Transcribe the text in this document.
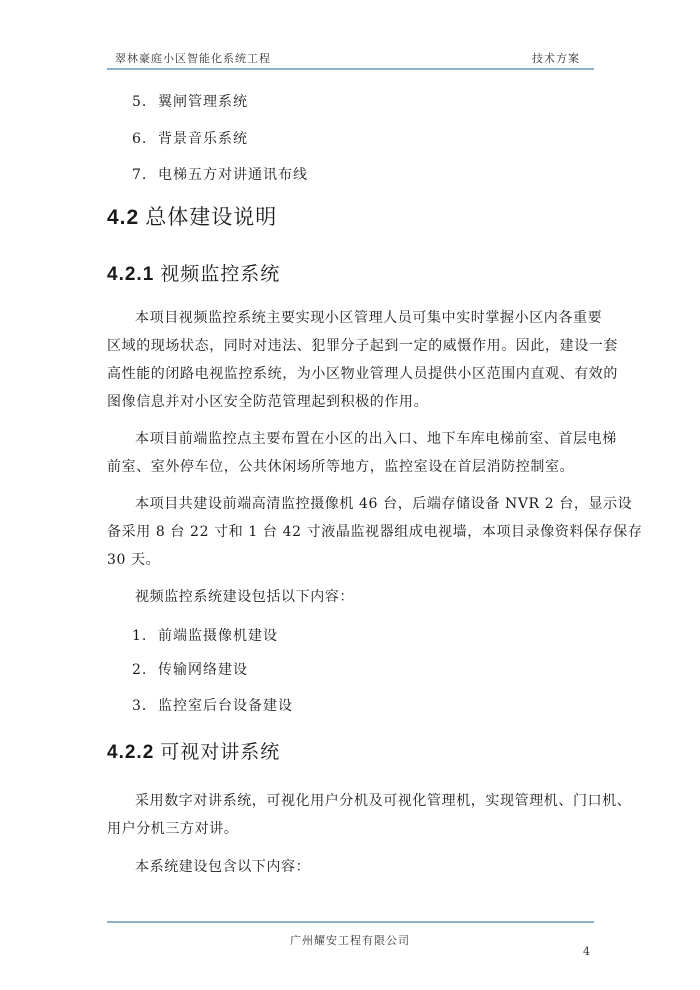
翠林豪庭小区智能化系统工程	技术方案
5. 翼闸管理系统
6. 背景音乐系统
7. 电梯五方对讲通讯布线
4.2 总体建设说明
4.2.1 视频监控系统
本项目视频监控系统主要实现小区管理人员可集中实时掌握小区内各重要
区域的现场状态，同时对违法、犯罪分子起到一定的威慑作用。因此，建设一套
高性能的闭路电视监控系统，为小区物业管理人员提供小区范围内直观、有效的
图像信息并对小区安全防范管理起到积极的作用。
本项目前端监控点主要布置在小区的出入口、地下车库电梯前室、首层电梯
前室、室外停车位，公共休闲场所等地方，监控室设在首层消防控制室。
本项目共建设前端高清监控摄像机 46 台，后端存储设备 NVR 2 台，显示设
备采用 8 台 22 寸和 1 台 42 寸液晶监视器组成电视墙，本项目录像资料保存保存
30 天。
视频监控系统建设包括以下内容：
1. 前端监摄像机建设
2. 传输网络建设
3. 监控室后台设备建设
4.2.2 可视对讲系统
采用数字对讲系统，可视化用户分机及可视化管理机，实现管理机、门口机、
用户分机三方对讲。
本系统建设包含以下内容：
广州耀安工程有限公司
4
